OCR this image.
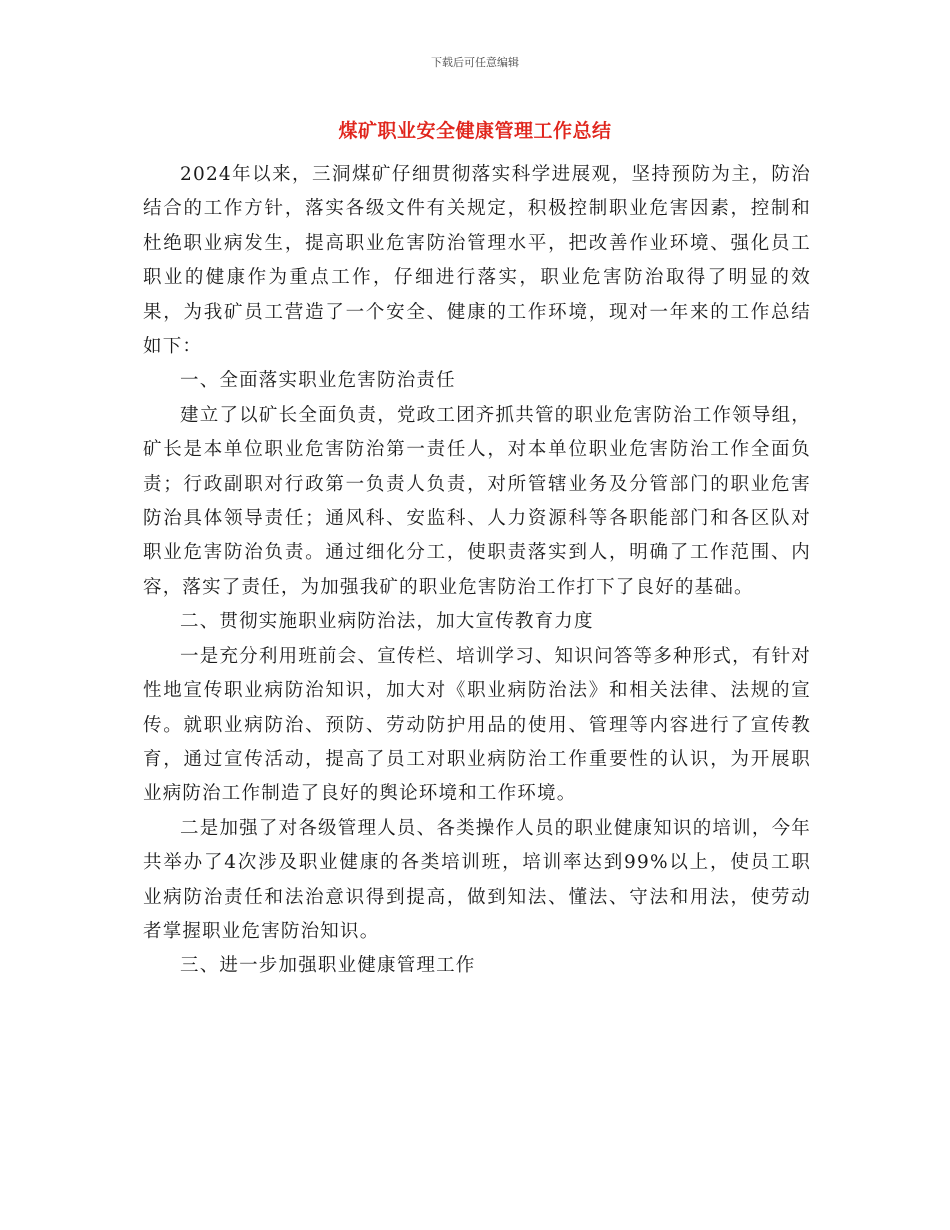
下载后可任意编辑
煤矿职业安全健康管理工作总结

2024年以来，三洞煤矿仔细贯彻落实科学进展观，坚持预防为主，防治结合的工作方针，落实各级文件有关规定，积极控制职业危害因素，控制和杜绝职业病发生，提高职业危害防治管理水平，把改善作业环境、强化员工职业的健康作为重点工作，仔细进行落实，职业危害防治取得了明显的效果，为我矿员工营造了一个安全、健康的工作环境，现对一年来的工作总结如下：

一、全面落实职业危害防治责任

建立了以矿长全面负责，党政工团齐抓共管的职业危害防治工作领导组，矿长是本单位职业危害防治第一责任人，对本单位职业危害防治工作全面负责；行政副职对行政第一负责人负责，对所管辖业务及分管部门的职业危害防治具体领导责任；通风科、安监科、人力资源科等各职能部门和各区队对职业危害防治负责。通过细化分工，使职责落实到人，明确了工作范围、内容，落实了责任，为加强我矿的职业危害防治工作打下了良好的基础。

二、贯彻实施职业病防治法，加大宣传教育力度

一是充分利用班前会、宣传栏、培训学习、知识问答等多种形式，有针对性地宣传职业病防治知识，加大对《职业病防治法》和相关法律、法规的宣传。就职业病防治、预防、劳动防护用品的使用、管理等内容进行了宣传教育，通过宣传活动，提高了员工对职业病防治工作重要性的认识，为开展职业病防治工作制造了良好的舆论环境和工作环境。

二是加强了对各级管理人员、各类操作人员的职业健康知识的培训，今年共举办了4次涉及职业健康的各类培训班，培训率达到99%以上，使员工职业病防治责任和法治意识得到提高，做到知法、懂法、守法和用法，使劳动者掌握职业危害防治知识。

三、进一步加强职业健康管理工作
